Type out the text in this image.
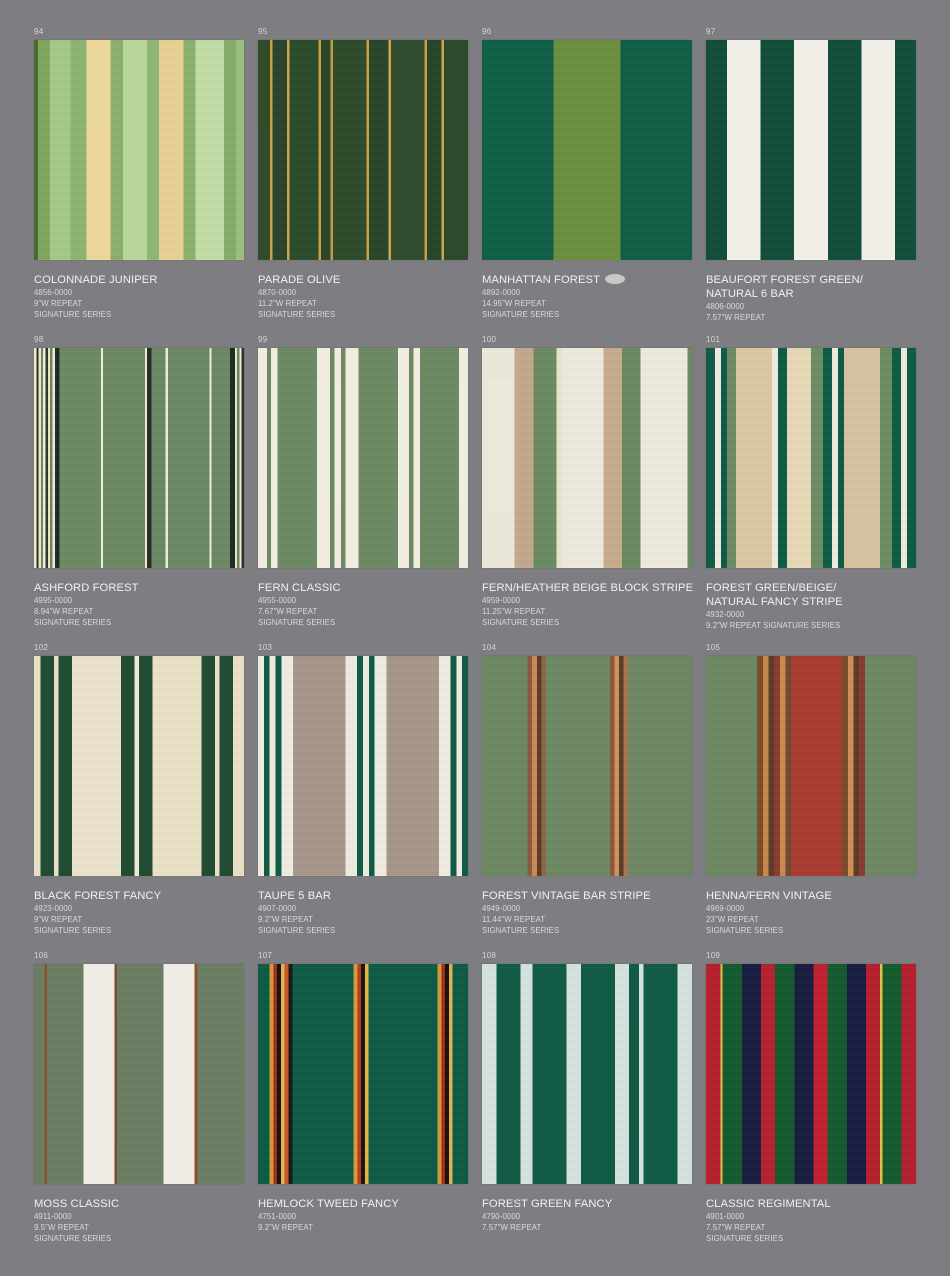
94
COLONNADE JUNIPER
4856-0000
9"W REPEAT
SIGNATURE SERIES
95
PARADE OLIVE
4870-0000
11.2"W REPEAT
SIGNATURE SERIES
96
MANHATTAN FOREST
4892-0000
14.95"W REPEAT
SIGNATURE SERIES
97
BEAUFORT FOREST GREEN/
NATURAL 6 BAR
4806-0000
7.57"W REPEAT
98
ASHFORD FOREST
4995-0000
8.94"W REPEAT
SIGNATURE SERIES
99
FERN CLASSIC
4955-0000
7.67"W REPEAT
SIGNATURE SERIES
100
FERN/HEATHER BEIGE BLOCK STRIPE
4959-0000
11.25"W REPEAT
SIGNATURE SERIES
101
FOREST GREEN/BEIGE/
NATURAL FANCY STRIPE
4932-0000
9.2"W REPEAT SIGNATURE SERIES
102
BLACK FOREST FANCY
4923-0000
9"W REPEAT
SIGNATURE SERIES
103
TAUPE 5 BAR
4907-0000
9.2"W REPEAT
SIGNATURE SERIES
104
FOREST VINTAGE BAR STRIPE
4949-0000
11.44"W REPEAT
SIGNATURE SERIES
105
HENNA/FERN VINTAGE
4969-0000
23"W REPEAT
SIGNATURE SERIES
106
MOSS CLASSIC
4911-0000
9.5"W REPEAT
SIGNATURE SERIES
107
HEMLOCK TWEED FANCY
4751-0000
9.2"W REPEAT
108
FOREST GREEN FANCY
4790-0000
7.57"W REPEAT
109
CLASSIC REGIMENTAL
4901-0000
7.57"W REPEAT
SIGNATURE SERIES
